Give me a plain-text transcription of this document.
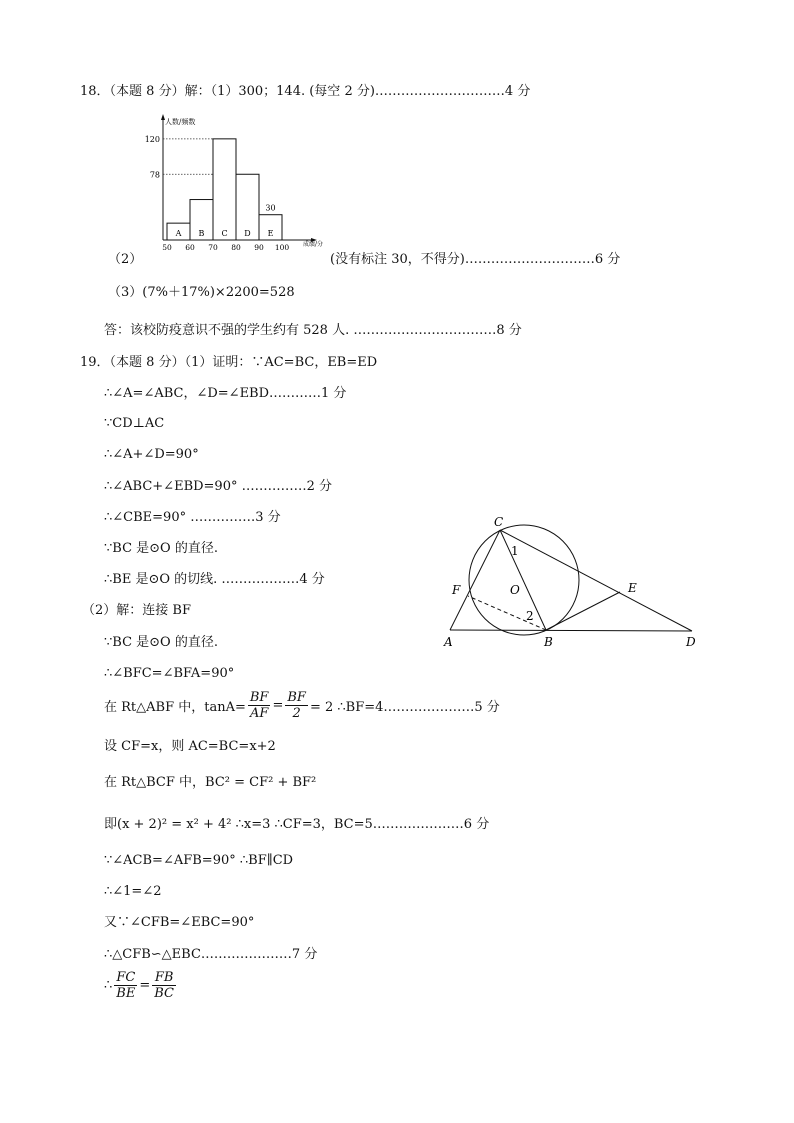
18．（本题 8 分）解：（1）300；144. (每空 2 分)…………………………4 分
人数/频数
成绩/分
120
78
A B C D E
30
50 60 70 80 90 100
（2）	(没有标注 30，不得分)…………………………6 分
（3）(7%＋17%)×2200=528
答：该校防疫意识不强的学生约有 528 人. ……………………………8 分
19．（本题 8 分）（1）证明：∵AC=BC，EB=ED
∴∠A=∠ABC，∠D=∠EBD…………1 分
∵CD⊥AC
∴∠A+∠D=90°
∴∠ABC+∠EBD=90° ……………2 分
∴∠CBE=90° ……………3 分
∵BC 是⊙O 的直径.
∴BE 是⊙O 的切线. ………………4 分
（2）解：连接 BF
∵BC 是⊙O 的直径.
∴∠BFC=∠BFA=90°
在 Rt△ABF 中，$\tan A= \frac{BF}{AF} = \frac{BF}{2} = 2$ ∴BF=4…………………5 分
设 CF=x，则 AC=BC=x+2
在 Rt△BCF 中，BC² = CF² + BF²
即(x + 2)² = x² + 4² ∴x=3 ∴CF=3，BC=5…………………6 分
∵∠ACB=∠AFB=90° ∴BF∥CD
∴∠1=∠2
又∵∠CFB=∠EBC=90°
∴△CFB∽△EBC…………………7 分
∴ $\frac{FC}{BE} = \frac{FB}{BC}$
C
F	O	E
A	B	D
1
2
